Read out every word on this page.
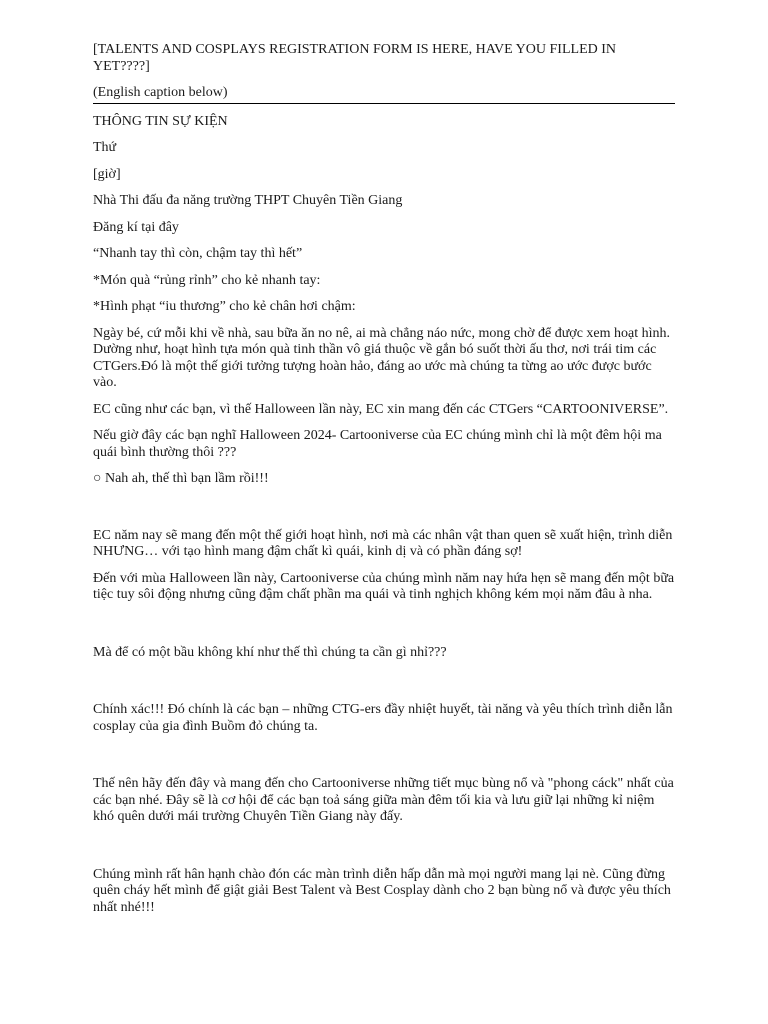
[TALENTS AND COSPLAYS REGISTRATION FORM IS HERE, HAVE YOU FILLED IN YET????]

(English caption below)

THÔNG TIN SỰ KIỆN

Thứ

[giờ]

Nhà Thi đấu đa năng trường THPT Chuyên Tiền Giang

Đăng kí tại đây

“Nhanh tay thì còn, chậm tay thì hết”

*Món quà “rủng rỉnh” cho kẻ nhanh tay:

*Hình phạt “iu thương” cho kẻ chân hơi chậm:

Ngày bé, cứ mỗi khi về nhà, sau bữa ăn no nê, ai mà chẳng náo nức, mong chờ để được xem hoạt hình. Dường như, hoạt hình tựa món quà tinh thần vô giá thuộc về gắn bó suốt thời ấu thơ, nơi trái tim các CTGers.Đó là một thế giới tưởng tượng hoàn hảo, đáng ao ước mà chúng ta từng ao ước được bước vào.

EC cũng như các bạn, vì thế Halloween lần này, EC xin mang đến các CTGers “CARTOONIVERSE”.

Nếu giờ đây các bạn nghĩ Halloween 2024- Cartooniverse của EC chúng mình chỉ là một đêm hội ma quái bình thường thôi ???

○ Nah ah, thế thì bạn lầm rồi!!!

EC năm nay sẽ mang đến một thế giới hoạt hình, nơi mà các nhân vật than quen sẽ xuất hiện, trình diễn NHƯNG… với tạo hình mang đậm chất kì quái, kinh dị và có phần đáng sợ!

Đến với mùa Halloween lần này, Cartooniverse của chúng mình năm nay hứa hẹn sẽ mang đến một bữa tiệc tuy sôi động nhưng cũng đậm chất phần ma quái và tinh nghịch không kém mọi năm đâu à nha.

Mà để có một bầu không khí như thế thì chúng ta cần gì nhỉ???

Chính xác!!! Đó chính là các bạn – những CTG-ers đầy nhiệt huyết, tài năng và yêu thích trình diễn lẫn cosplay của gia đình Buồm đỏ chúng ta.

Thế nên hãy đến đây và mang đến cho Cartooniverse những tiết mục bùng nổ và "phong cáck" nhất của các bạn nhé. Đây sẽ là cơ hội để các bạn toả sáng giữa màn đêm tối kia và lưu giữ lại những kỉ niệm khó quên dưới mái trường Chuyên Tiền Giang này đấy.

Chúng mình rất hân hạnh chào đón các màn trình diễn hấp dẫn mà mọi người mang lại nè. Cũng đừng quên cháy hết mình để giật giải Best Talent và Best Cosplay dành cho 2 bạn bùng nổ và được yêu thích nhất nhé!!!
